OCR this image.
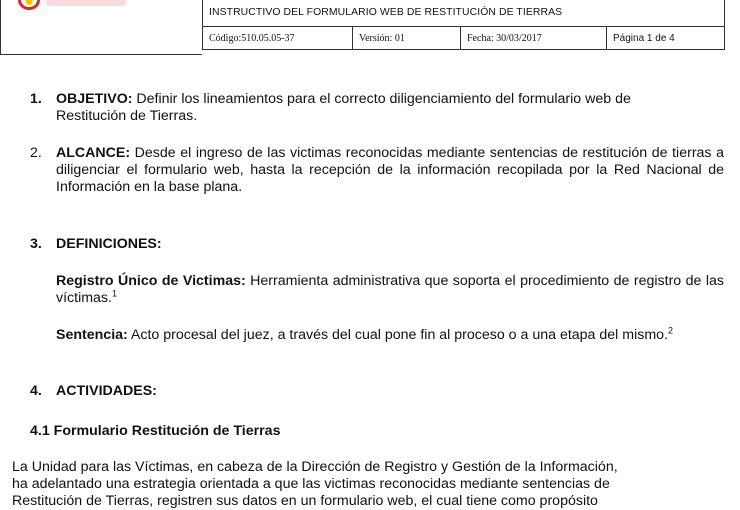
INSTRUCTIVO DEL FORMULARIO WEB DE RESTITUCIÓN DE TIERRAS
Código:510.05.05-37	Versión: 01	Fecha: 30/03/2017	Página 1 de 4
1. OBJETIVO: Definir los lineamientos para el correcto diligenciamiento del formulario web de
Restitución de Tierras.
2. ALCANCE: Desde el ingreso de las victimas reconocidas mediante sentencias de restitución de tierras a diligenciar el formulario web, hasta la recepción de la información recopilada por la Red Nacional de Información en la base plana.
3. DEFINICIONES:
Registro Único de Victimas: Herramienta administrativa que soporta el procedimiento de registro de las víctimas.$^1$
Sentencia: Acto procesal del juez, a través del cual pone fin al proceso o a una etapa del mismo.$^2$
4. ACTIVIDADES:
4.1 Formulario Restitución de Tierras
La Unidad para las Víctimas, en cabeza de la Dirección de Registro y Gestión de la Información,
ha adelantado una estrategia orientada a que las victimas reconocidas mediante sentencias de
Restitución de Tierras, registren sus datos en un formulario web, el cual tiene como propósito
